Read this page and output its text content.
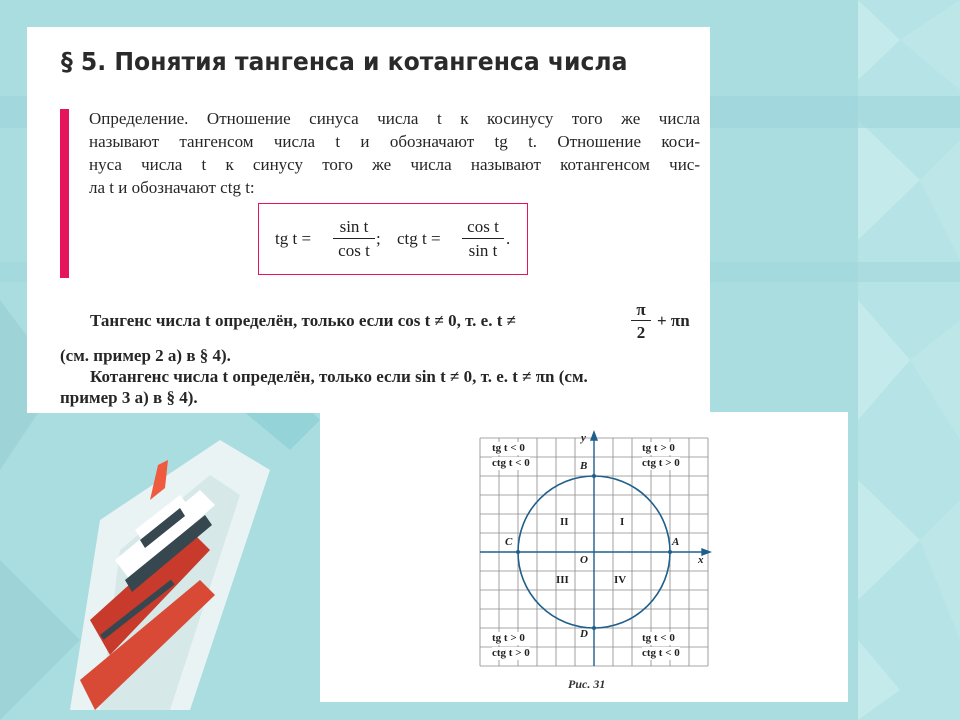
§ 5. Понятия тангенса и котангенса числа

Определение. Отношение синуса числа t к косинусу того же числа
называют тангенсом числа t и обозначают tg t. Отношение коси-
нуса числа t к синусу того же числа называют котангенсом чис-
ла t и обозначают ctg t:

tg t =
sin t
cos t
; ctg t =
cos t
sin t
.
Тангенс числа t определён, только если cos t ≠ 0, т. е. t ≠
π
2
+ πn
(см. пример 2 а) в § 4).
Котангенс числа t определён, только если sin t ≠ 0, т. е. t ≠ πn (см.
пример 3 а) в § 4).
tg t < 0
ctg t < 0
tg t > 0
ctg t > 0
tg t > 0
ctg t > 0
tg t < 0
ctg t < 0
B
D
C	A
O	x
y
I
II
III	IV
Рис. 31
